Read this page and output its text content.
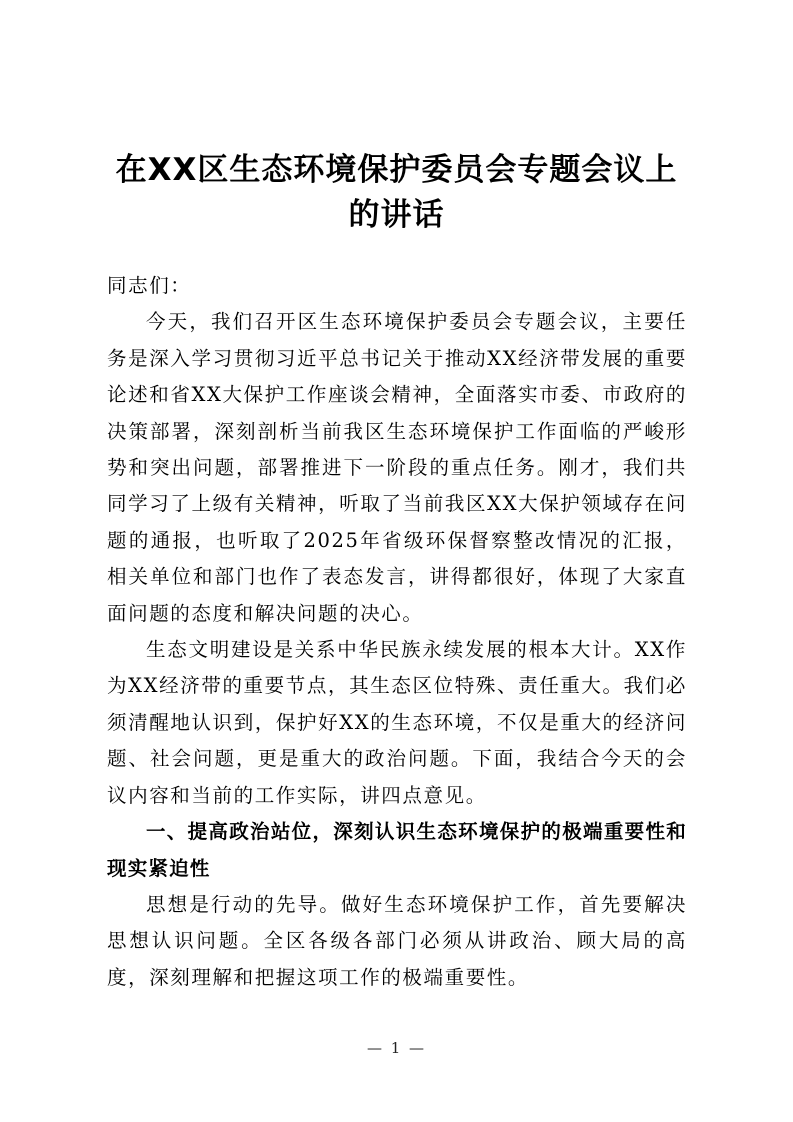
在XX区生态环境保护委员会专题会议上的讲话

同志们：

今天，我们召开区生态环境保护委员会专题会议，主要任务是深入学习贯彻习近平总书记关于推动XX经济带发展的重要论述和省XX大保护工作座谈会精神，全面落实市委、市政府的决策部署，深刻剖析当前我区生态环境保护工作面临的严峻形势和突出问题，部署推进下一阶段的重点任务。刚才，我们共同学习了上级有关精神，听取了当前我区XX大保护领域存在问题的通报，也听取了2025年省级环保督察整改情况的汇报，相关单位和部门也作了表态发言，讲得都很好，体现了大家直面问题的态度和解决问题的决心。

生态文明建设是关系中华民族永续发展的根本大计。XX作为XX经济带的重要节点，其生态区位特殊、责任重大。我们必须清醒地认识到，保护好XX的生态环境，不仅是重大的经济问题、社会问题，更是重大的政治问题。下面，我结合今天的会议内容和当前的工作实际，讲四点意见。

一、提高政治站位，深刻认识生态环境保护的极端重要性和现实紧迫性

思想是行动的先导。做好生态环境保护工作，首先要解决思想认识问题。全区各级各部门必须从讲政治、顾大局的高度，深刻理解和把握这项工作的极端重要性。

— 1 —
